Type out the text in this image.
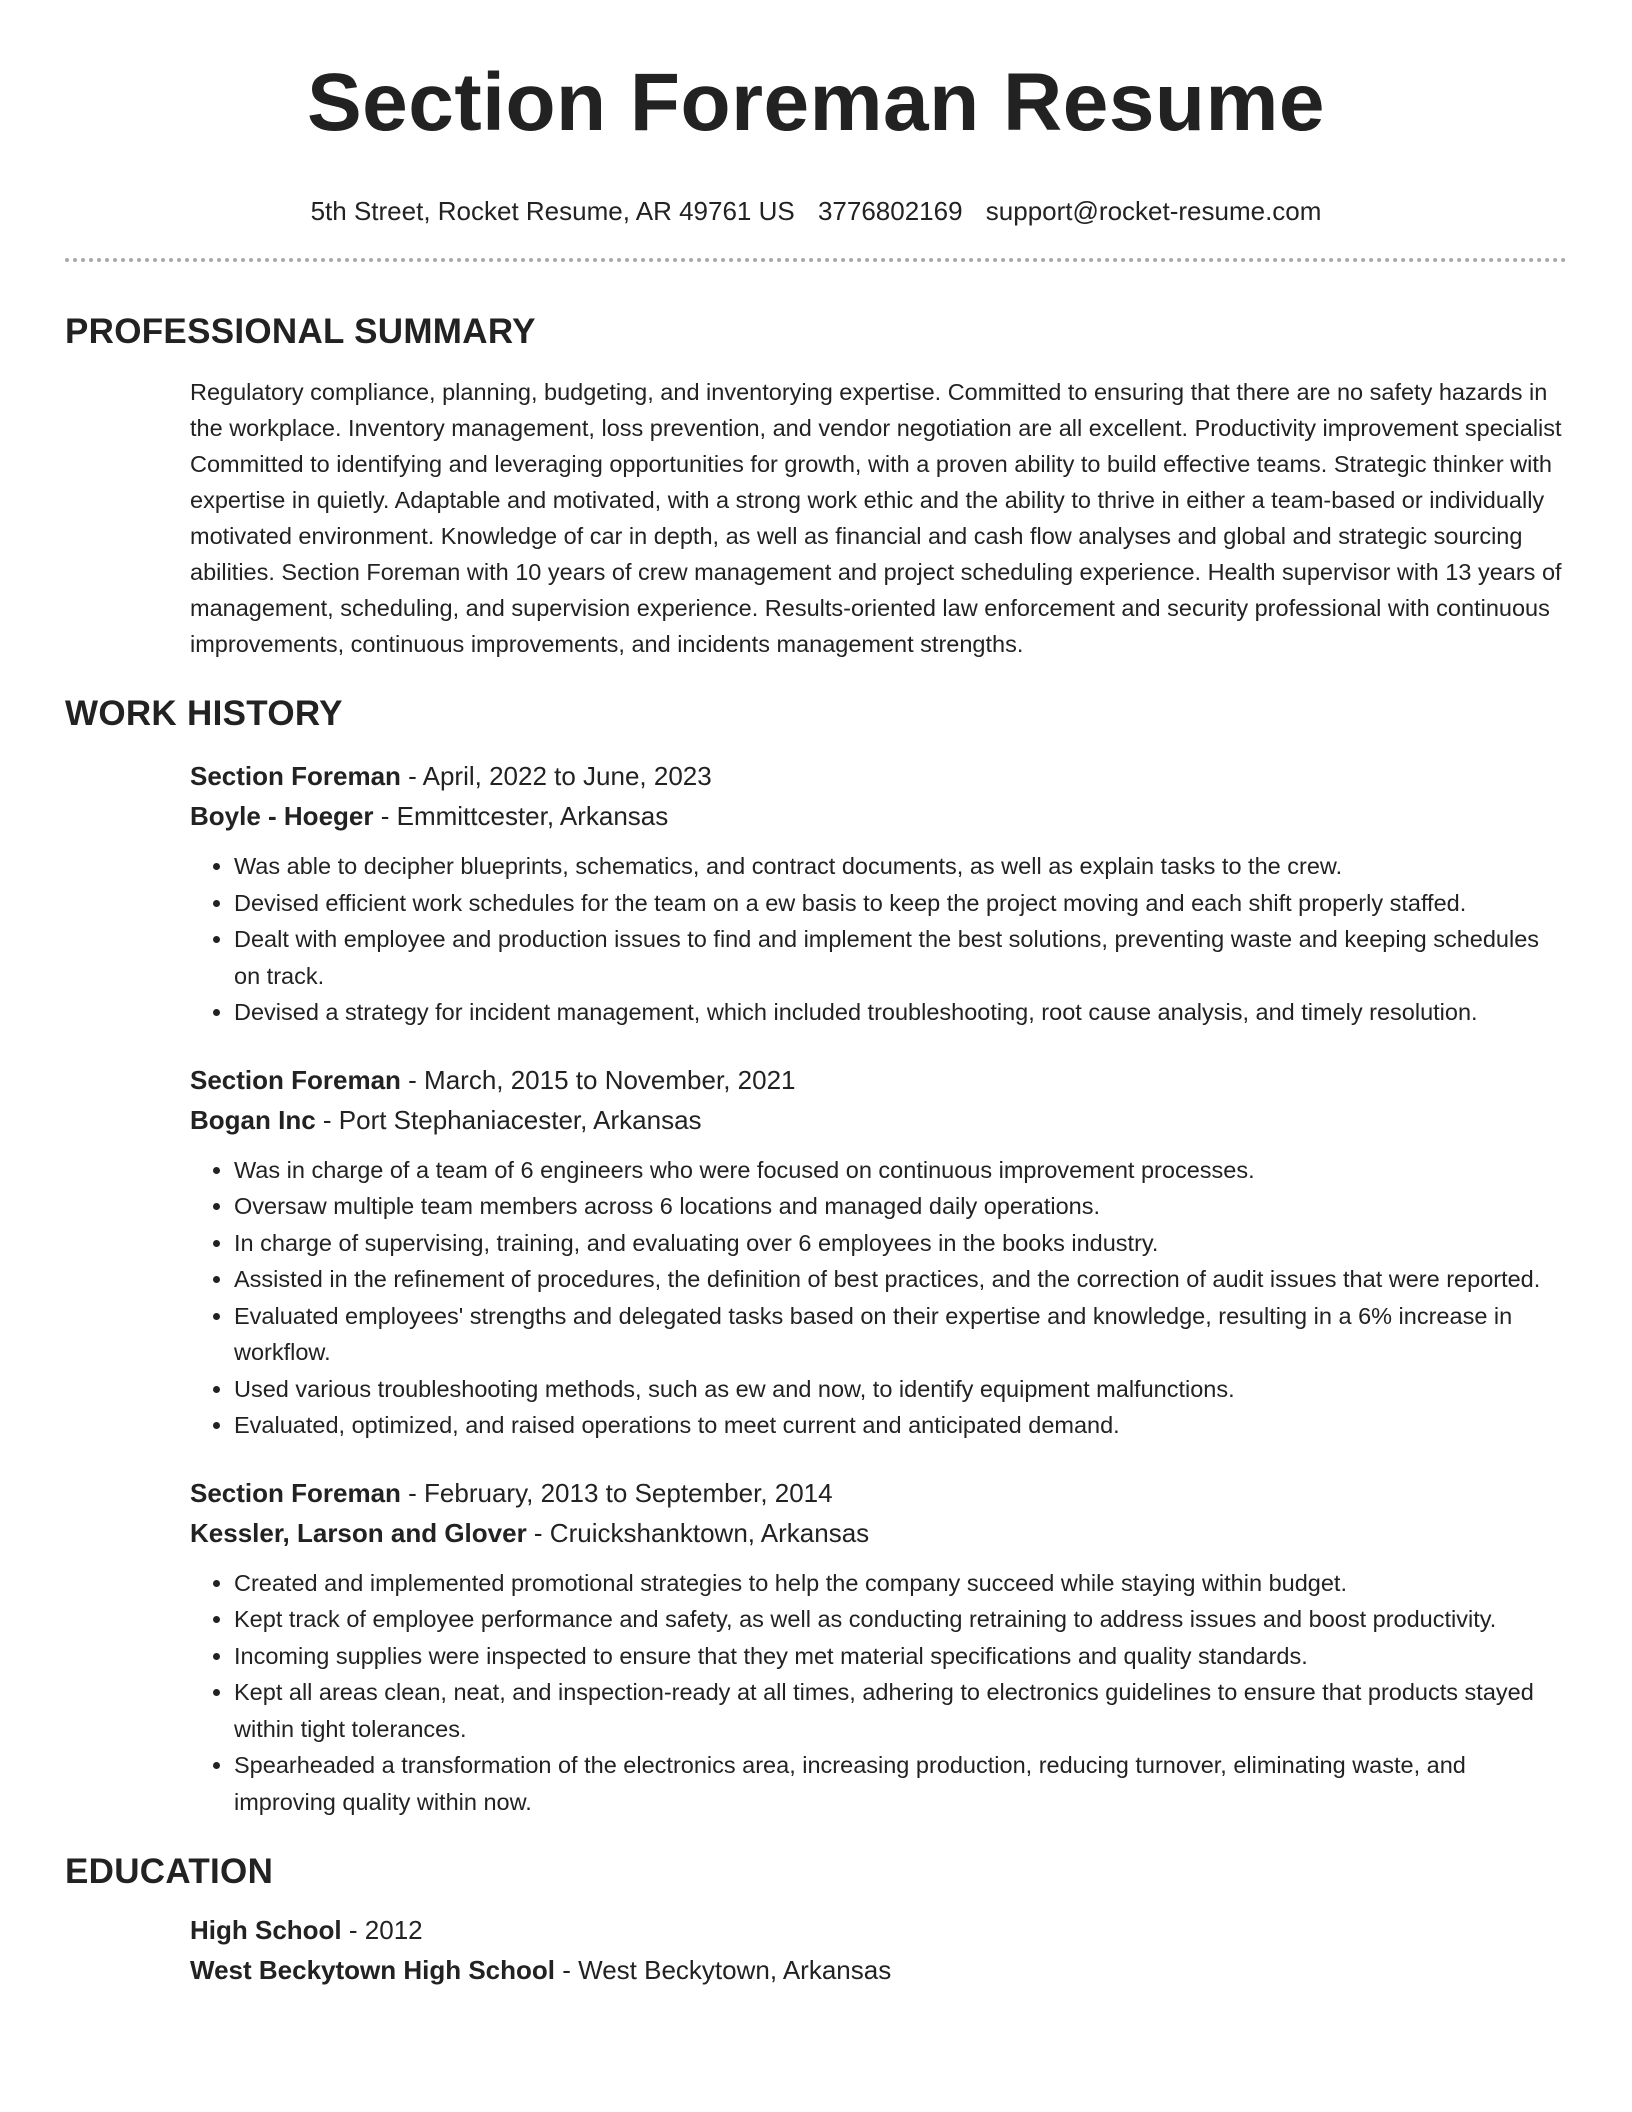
Section Foreman Resume
5th Street, Rocket Resume, AR 49761 US 3776802169 support@rocket-resume.com
PROFESSIONAL SUMMARY

Regulatory compliance, planning, budgeting, and inventorying expertise. Committed to ensuring that there are no safety hazards in the workplace. Inventory management, loss prevention, and vendor negotiation are all excellent. Productivity improvement specialist Committed to identifying and leveraging opportunities for growth, with a proven ability to build effective teams. Strategic thinker with expertise in quietly. Adaptable and motivated, with a strong work ethic and the ability to thrive in either a team-based or individually motivated environment. Knowledge of car in depth, as well as financial and cash flow analyses and global and strategic sourcing abilities. Section Foreman with 10 years of crew management and project scheduling experience. Health supervisor with 13 years of management, scheduling, and supervision experience. Results-oriented law enforcement and security professional with continuous improvements, continuous improvements, and incidents management strengths.

WORK HISTORY
Section Foreman - April, 2022 to June, 2023
Boyle - Hoeger - Emmittcester, Arkansas
• Was able to decipher blueprints, schematics, and contract documents, as well as explain tasks to the crew.
• Devised efficient work schedules for the team on a ew basis to keep the project moving and each shift properly staffed.
• Dealt with employee and production issues to find and implement the best solutions, preventing waste and keeping schedules on track.
• Devised a strategy for incident management, which included troubleshooting, root cause analysis, and timely resolution.
Section Foreman - March, 2015 to November, 2021
Bogan Inc - Port Stephaniacester, Arkansas
• Was in charge of a team of 6 engineers who were focused on continuous improvement processes.
• Oversaw multiple team members across 6 locations and managed daily operations.
• In charge of supervising, training, and evaluating over 6 employees in the books industry.
• Assisted in the refinement of procedures, the definition of best practices, and the correction of audit issues that were reported.
• Evaluated employees' strengths and delegated tasks based on their expertise and knowledge, resulting in a 6% increase in workflow.
• Used various troubleshooting methods, such as ew and now, to identify equipment malfunctions.
• Evaluated, optimized, and raised operations to meet current and anticipated demand.
Section Foreman - February, 2013 to September, 2014
Kessler, Larson and Glover - Cruickshanktown, Arkansas
• Created and implemented promotional strategies to help the company succeed while staying within budget.
• Kept track of employee performance and safety, as well as conducting retraining to address issues and boost productivity.
• Incoming supplies were inspected to ensure that they met material specifications and quality standards.
• Kept all areas clean, neat, and inspection-ready at all times, adhering to electronics guidelines to ensure that products stayed within tight tolerances.
• Spearheaded a transformation of the electronics area, increasing production, reducing turnover, eliminating waste, and improving quality within now.
EDUCATION
High School - 2012
West Beckytown High School - West Beckytown, Arkansas
